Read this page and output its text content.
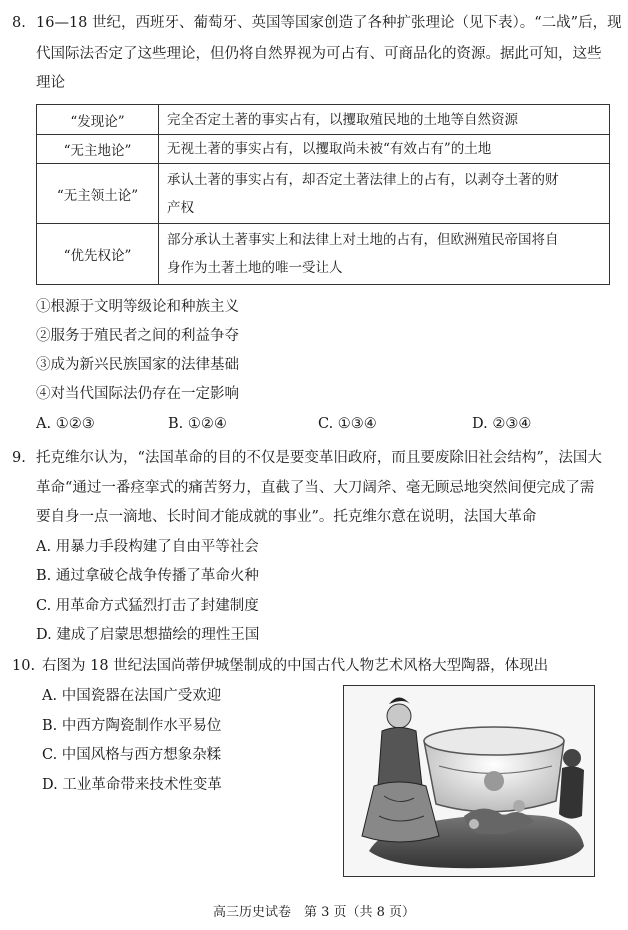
8. 16—18 世纪，西班牙、葡萄牙、英国等国家创造了各种扩张理论（见下表）。“二战”后，现
代国际法否定了这些理论，但仍将自然界视为可占有、可商品化的资源。据此可知，这些
理论
“发现论”	完全否定土著的事实占有，以攫取殖民地的土地等自然资源
“无主地论”	无视土著的事实占有，以攫取尚未被“有效占有”的土地
“无主领土论”	承认土著的事实占有，却否定土著法律上的占有，以剥夺土著的财
产权
“优先权论”	部分承认土著事实上和法律上对土地的占有，但欧洲殖民帝国将自
身作为土著土地的唯一受让人
①根源于文明等级论和种族主义
②服务于殖民者之间的利益争夺
③成为新兴民族国家的法律基础
④对当代国际法仍存在一定影响
A. ①②③	B. ①②④	C. ①③④	D. ②③④
9. 托克维尔认为，“法国革命的目的不仅是要变革旧政府，而且要废除旧社会结构”，法国大
革命“通过一番痉挛式的痛苦努力，直截了当、大刀阔斧、毫无顾忌地突然间便完成了需
要自身一点一滴地、长时间才能成就的事业”。托克维尔意在说明，法国大革命
A. 用暴力手段构建了自由平等社会
B. 通过拿破仑战争传播了革命火种
C. 用革命方式猛烈打击了封建制度
D. 建成了启蒙思想描绘的理性王国
10. 右图为 18 世纪法国尚蒂伊城堡制成的中国古代人物艺术风格大型陶器，体现出
A. 中国瓷器在法国广受欢迎
B. 中西方陶瓷制作水平易位
C. 中国风格与西方想象杂糅
D. 工业革命带来技术性变革
高三历史试卷　第 3 页（共 8 页）
